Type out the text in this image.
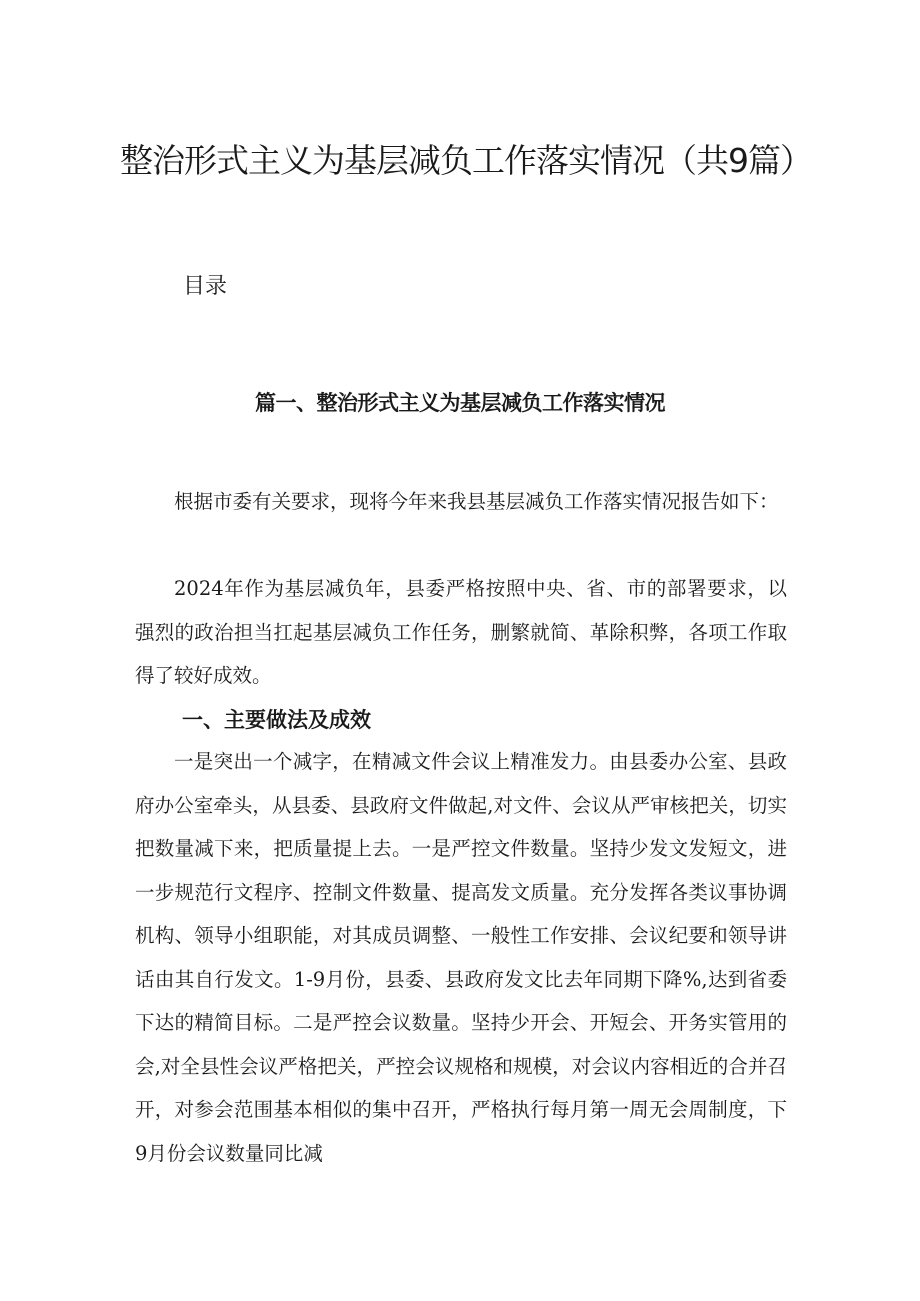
整治形式主义为基层减负工作落实情况（共9篇）

目录

篇一、整治形式主义为基层减负工作落实情况

根据市委有关要求，现将今年来我县基层减负工作落实情况报告如下：

2024年作为基层减负年，县委严格按照中央、省、市的部署要求，以强烈的政治担当扛起基层减负工作任务，删繁就简、革除积弊，各项工作取得了较好成效。

一、主要做法及成效

一是突出一个减字，在精减文件会议上精准发力。由县委办公室、县政府办公室牵头，从县委、县政府文件做起,对文件、会议从严审核把关，切实把数量减下来，把质量提上去。一是严控文件数量。坚持少发文发短文，进一步规范行文程序、控制文件数量、提高发文质量。充分发挥各类议事协调机构、领导小组职能，对其成员调整、一般性工作安排、会议纪要和领导讲话由其自行发文。1-9月份，县委、县政府发文比去年同期下降%,达到省委下达的精简目标。二是严控会议数量。坚持少开会、开短会、开务实管用的会,对全县性会议严格把关，严控会议规格和规模，对会议内容相近的合并召开，对参会范围基本相似的集中召开，严格执行每月第一周无会周制度，下9月份会议数量同比减
